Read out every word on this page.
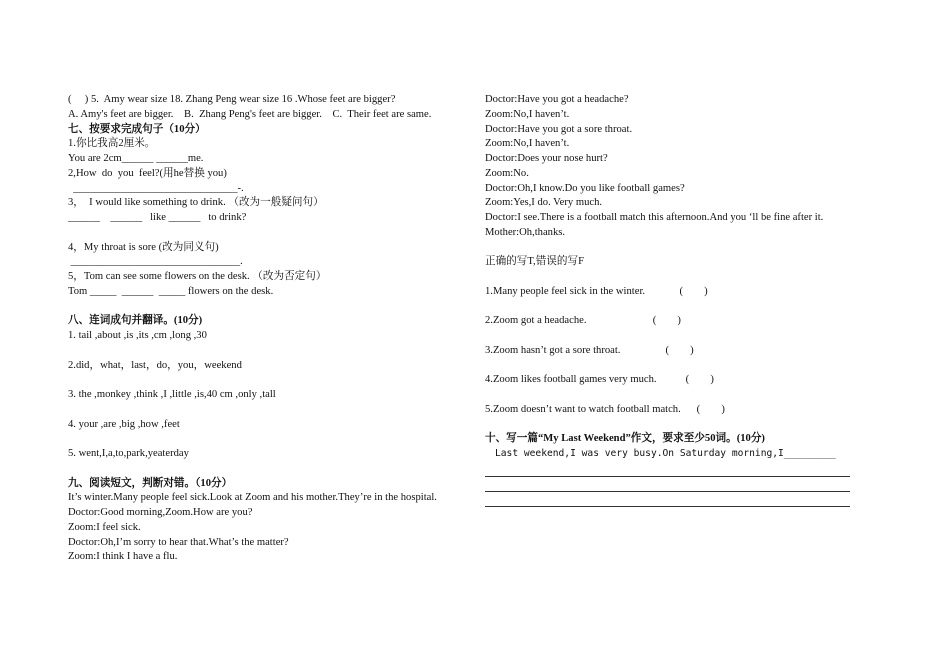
(     ) 5.  Amy wear size 18. Zhang Peng wear size 16 .Whose feet are bigger?
A. Amy's feet are bigger.    B.  Zhang Peng's feet are bigger.    C.  Their feet are same.
七、按要求完成句子（10分）
1.你比我高2厘米。
You are 2cm______ ______me.
2,How  do  you  feel?(用he替换 you)
_______________________________-.
3，  I would like something to drink. （改为一般疑问句）
______    ______   like ______   to drink?
4，My throat is sore (改为同义句)
________________________________.
5，Tom can see some flowers on the desk. （改为否定句）
Tom _____  ______  _____ flowers on the desk.
八、连词成句并翻译。(10分)
1. tail ,about ,is ,its ,cm ,long ,30
2.did，what，last，do，you，weekend
3. the ,monkey ,think ,I ,little ,is,40 cm ,only ,tall
4. your ,are ,big ,how ,feet
5. went,I,a,to,park,yeaterday
九、阅读短文，判断对错。（10分）
It’s winter.Many people feel sick.Look at Zoom and his mother.They’re in the hospital.
Doctor:Good morning,Zoom.How are you?
Zoom:I feel sick.
Doctor:Oh,I’m sorry to hear that.What’s the matter?
Zoom:I think I have a flu.
Doctor:Have you got a headache?
Zoom:No,I haven’t.
Doctor:Have you got a sore throat.
Zoom:No,I haven’t.
Doctor:Does your nose hurt?
Zoom:No.
Doctor:Oh,I know.Do you like football games?
Zoom:Yes,I do. Very much.
Doctor:I see.There is a football match this afternoon.And you ‘ll be fine after it.
Mother:Oh,thanks.
正确的写T,错误的写F
1.Many people feel sick in the winter.             (        )
2.Zoom got a headache.                         (        )
3.Zoom hasn’t got a sore throat.                 (        )
4.Zoom likes football games very much.           (        )
5.Zoom doesn’t want to watch football match.      (        )
十、写一篇“My Last Weekend”作文，要求至少50词。(10分)
Last weekend,I was very busy.On Saturday morning,I_________
